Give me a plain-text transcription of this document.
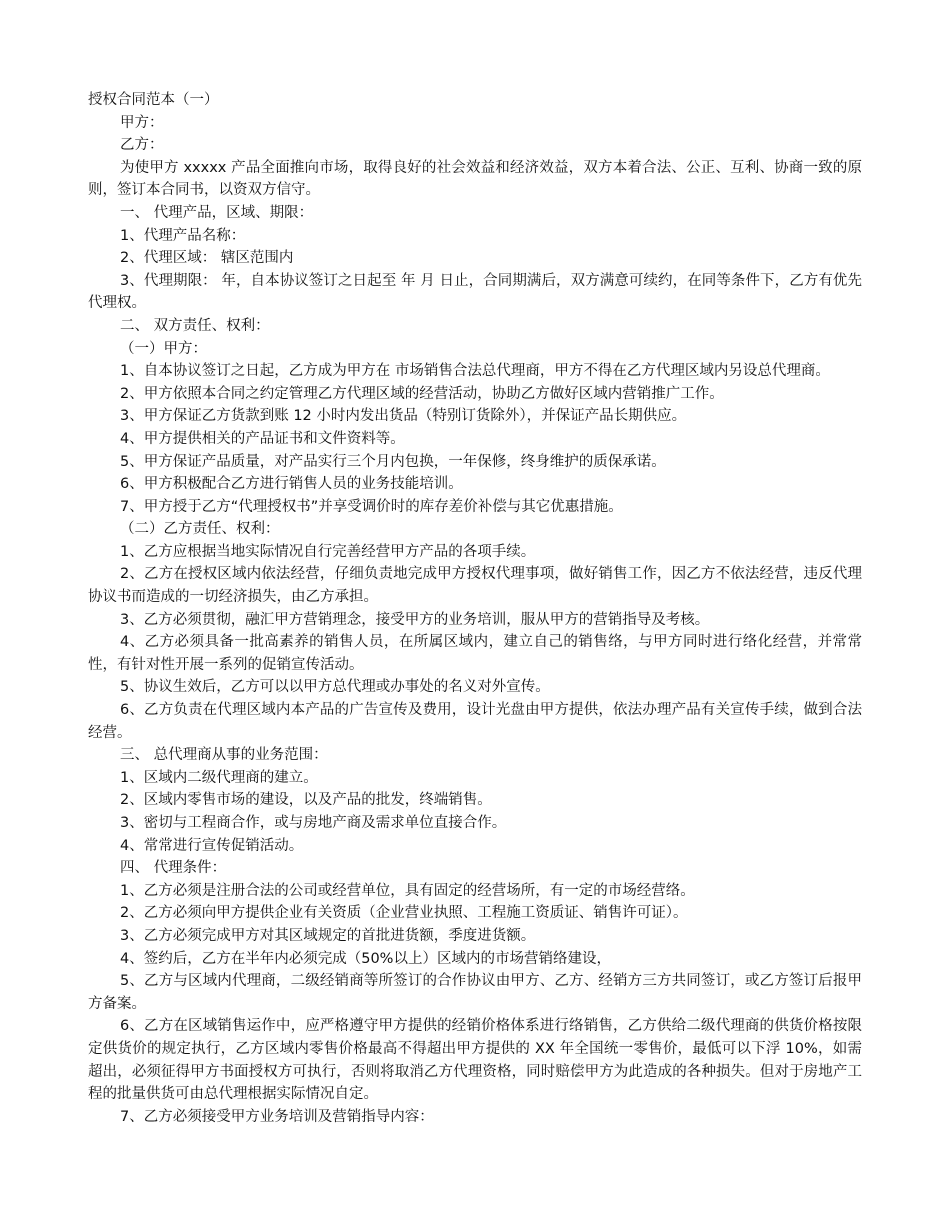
授权合同范本（一）

甲方：

乙方：

为使甲方 xxxxx 产品全面推向市场，取得良好的社会效益和经济效益，双方本着合法、公正、互利、协商一致的原则，签订本合同书，以资双方信守。

一、 代理产品，区域、期限：

1、代理产品名称：

2、代理区域： 辖区范围内

3、代理期限： 年，自本协议签订之日起至 年 月 日止，合同期满后，双方满意可续约，在同等条件下，乙方有优先代理权。

二、 双方责任、权利：

（一）甲方：

1、自本协议签订之日起，乙方成为甲方在 市场销售合法总代理商，甲方不得在乙方代理区域内另设总代理商。

2、甲方依照本合同之约定管理乙方代理区域的经营活动，协助乙方做好区域内营销推广工作。

3、甲方保证乙方货款到账 12 小时内发出货品（特别订货除外），并保证产品长期供应。

4、甲方提供相关的产品证书和文件资料等。

5、甲方保证产品质量，对产品实行三个月内包换，一年保修，终身维护的质保承诺。

6、甲方积极配合乙方进行销售人员的业务技能培训。

7、甲方授于乙方“代理授权书”并享受调价时的库存差价补偿与其它优惠措施。

（二）乙方责任、权利：

1、乙方应根据当地实际情况自行完善经营甲方产品的各项手续。

2、乙方在授权区域内依法经营，仔细负责地完成甲方授权代理事项，做好销售工作，因乙方不依法经营，违反代理协议书而造成的一切经济损失，由乙方承担。

3、乙方必须贯彻，融汇甲方营销理念，接受甲方的业务培训，服从甲方的营销指导及考核。

4、乙方必须具备一批高素养的销售人员，在所属区域内，建立自己的销售络，与甲方同时进行络化经营，并常常性，有针对性开展一系列的促销宣传活动。

5、协议生效后，乙方可以以甲方总代理或办事处的名义对外宣传。

6、乙方负责在代理区域内本产品的广告宣传及费用，设计光盘由甲方提供，依法办理产品有关宣传手续，做到合法经营。

三、 总代理商从事的业务范围：

1、区域内二级代理商的建立。

2、区域内零售市场的建设，以及产品的批发，终端销售。

3、密切与工程商合作，或与房地产商及需求单位直接合作。

4、常常进行宣传促销活动。

四、 代理条件：

1、乙方必须是注册合法的公司或经营单位，具有固定的经营场所，有一定的市场经营络。

2、乙方必须向甲方提供企业有关资质（企业营业执照、工程施工资质证、销售许可证）。

3、乙方必须完成甲方对其区域规定的首批进货额，季度进货额。

4、签约后，乙方在半年内必须完成（50%以上）区域内的市场营销络建设，

5、乙方与区域内代理商，二级经销商等所签订的合作协议由甲方、乙方、经销方三方共同签订，或乙方签订后报甲方备案。

6、乙方在区域销售运作中，应严格遵守甲方提供的经销价格体系进行络销售，乙方供给二级代理商的供货价格按限定供货价的规定执行，乙方区域内零售价格最高不得超出甲方提供的 XX 年全国统一零售价，最低可以下浮 10%，如需超出，必须征得甲方书面授权方可执行，否则将取消乙方代理资格，同时赔偿甲方为此造成的各种损失。但对于房地产工程的批量供货可由总代理根据实际情况自定。

7、乙方必须接受甲方业务培训及营销指导内容：
